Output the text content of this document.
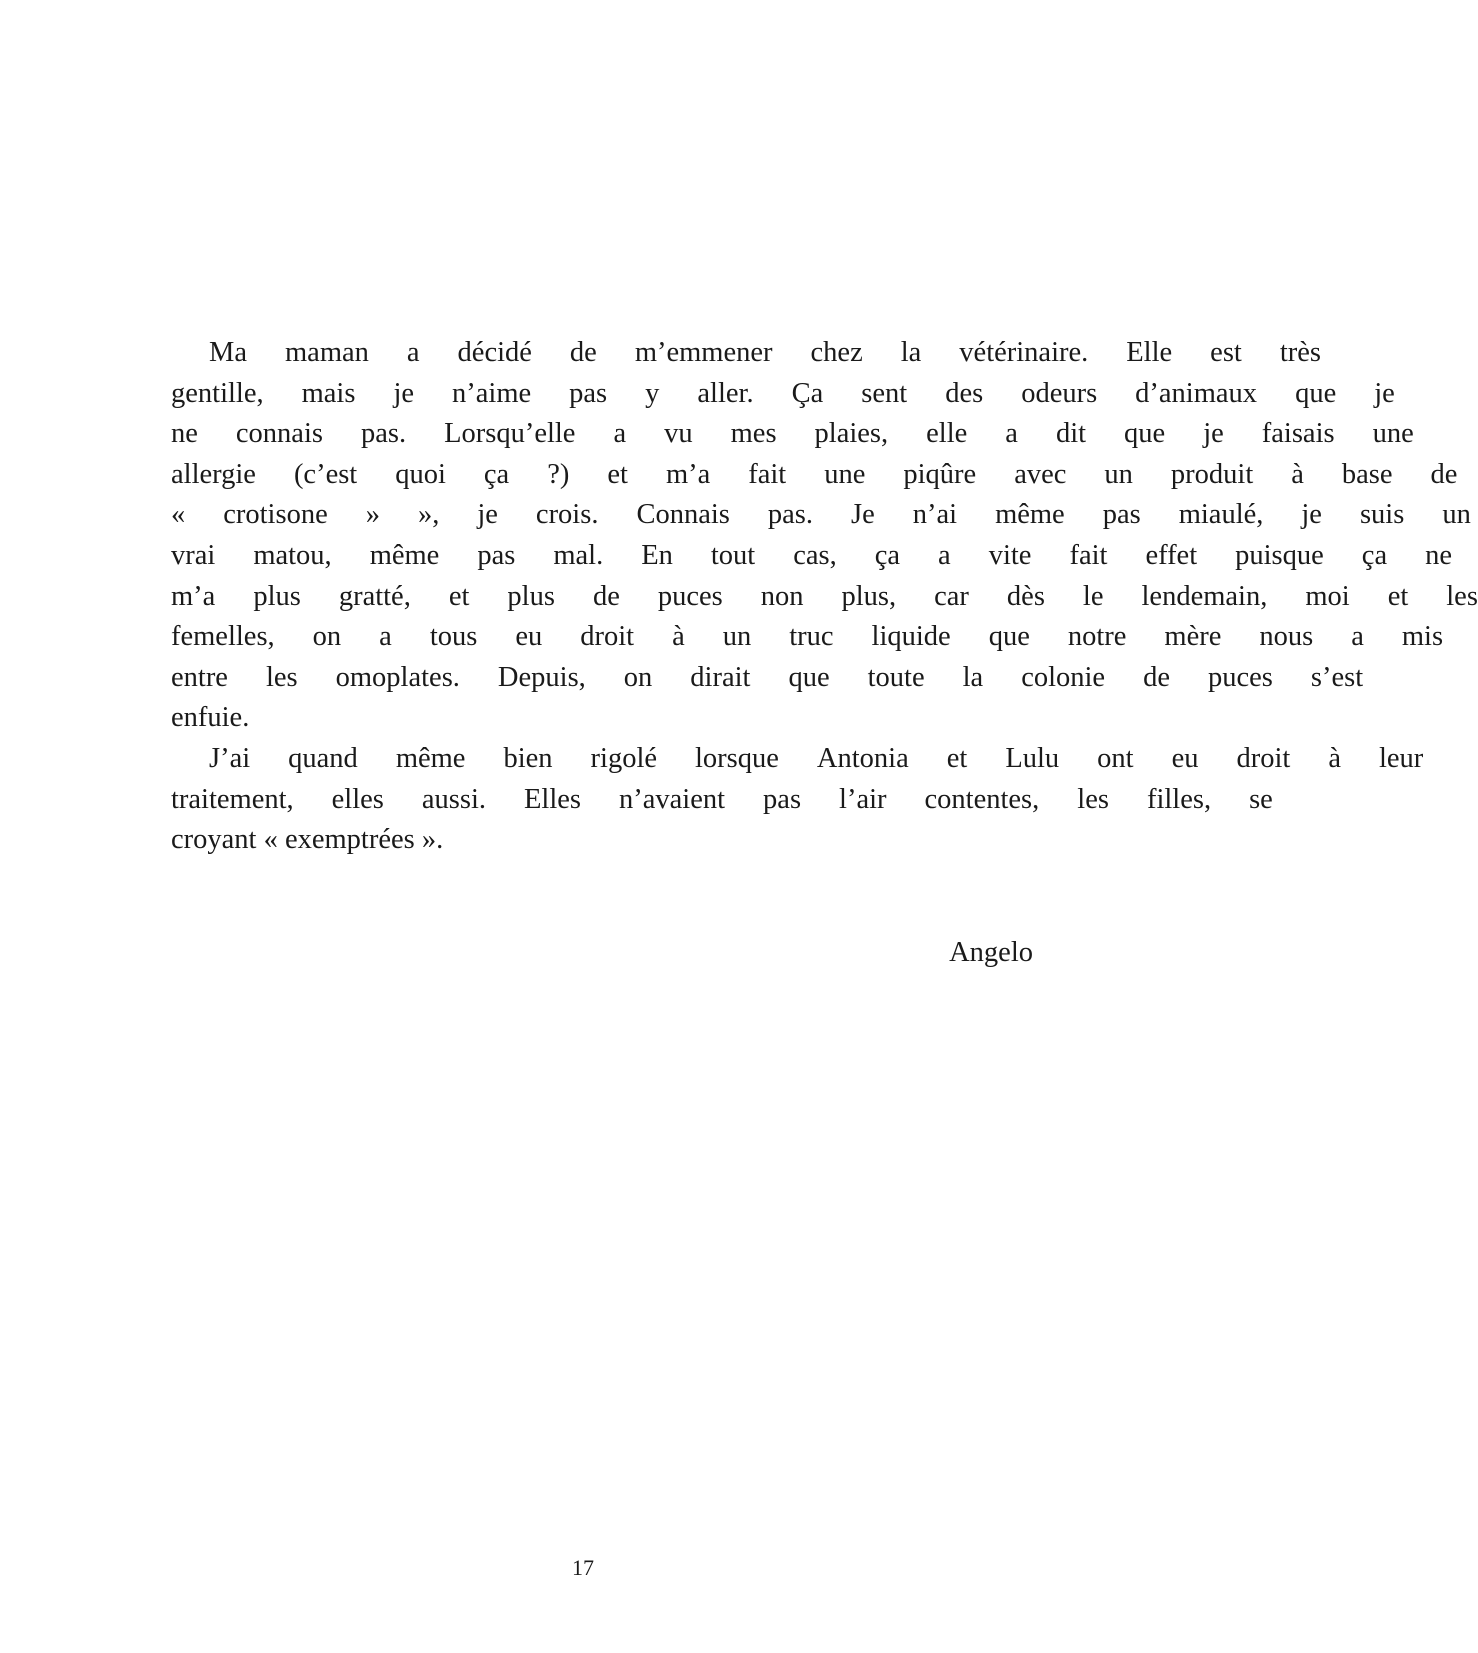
Ma	maman	a	décidé	de	m’emmener	chez	la	vétérinaire.	Elle	est	très
gentille,	mais	je	n’aime	pas	y	aller.	Ça	sent	des	odeurs	d’animaux	que	je
ne	connais	pas.	Lorsqu’elle	a	vu	mes	plaies,	elle	a	dit	que	je	faisais	une
allergie	(c’est	quoi	ça	?)	et	m’a	fait	une	piqûre	avec	un	produit	à	base	de
«	crotisone	»	»,	je	crois.	Connais	pas.	Je	n’ai	même	pas	miaulé,	je	suis	un
vrai	matou,	même	pas	mal.	En	tout	cas,	ça	a	vite	fait	effet	puisque	ça	ne
m’a	plus	gratté,	et	plus	de	puces	non	plus,	car	dès	le	lendemain,	moi	et	les
femelles,	on	a	tous	eu	droit	à	un	truc	liquide	que	notre	mère	nous	a	mis
entre	les	omoplates.	Depuis,	on	dirait	que	toute	la	colonie	de	puces	s’est
enfuie.
J’ai	quand	même	bien	rigolé	lorsque	Antonia	et	Lulu	ont	eu	droit	à	leur
traitement,	elles	aussi.	Elles	n’avaient	pas	l’air	contentes,	les	filles,	se
croyant « exemptrées ».
Angelo
17
